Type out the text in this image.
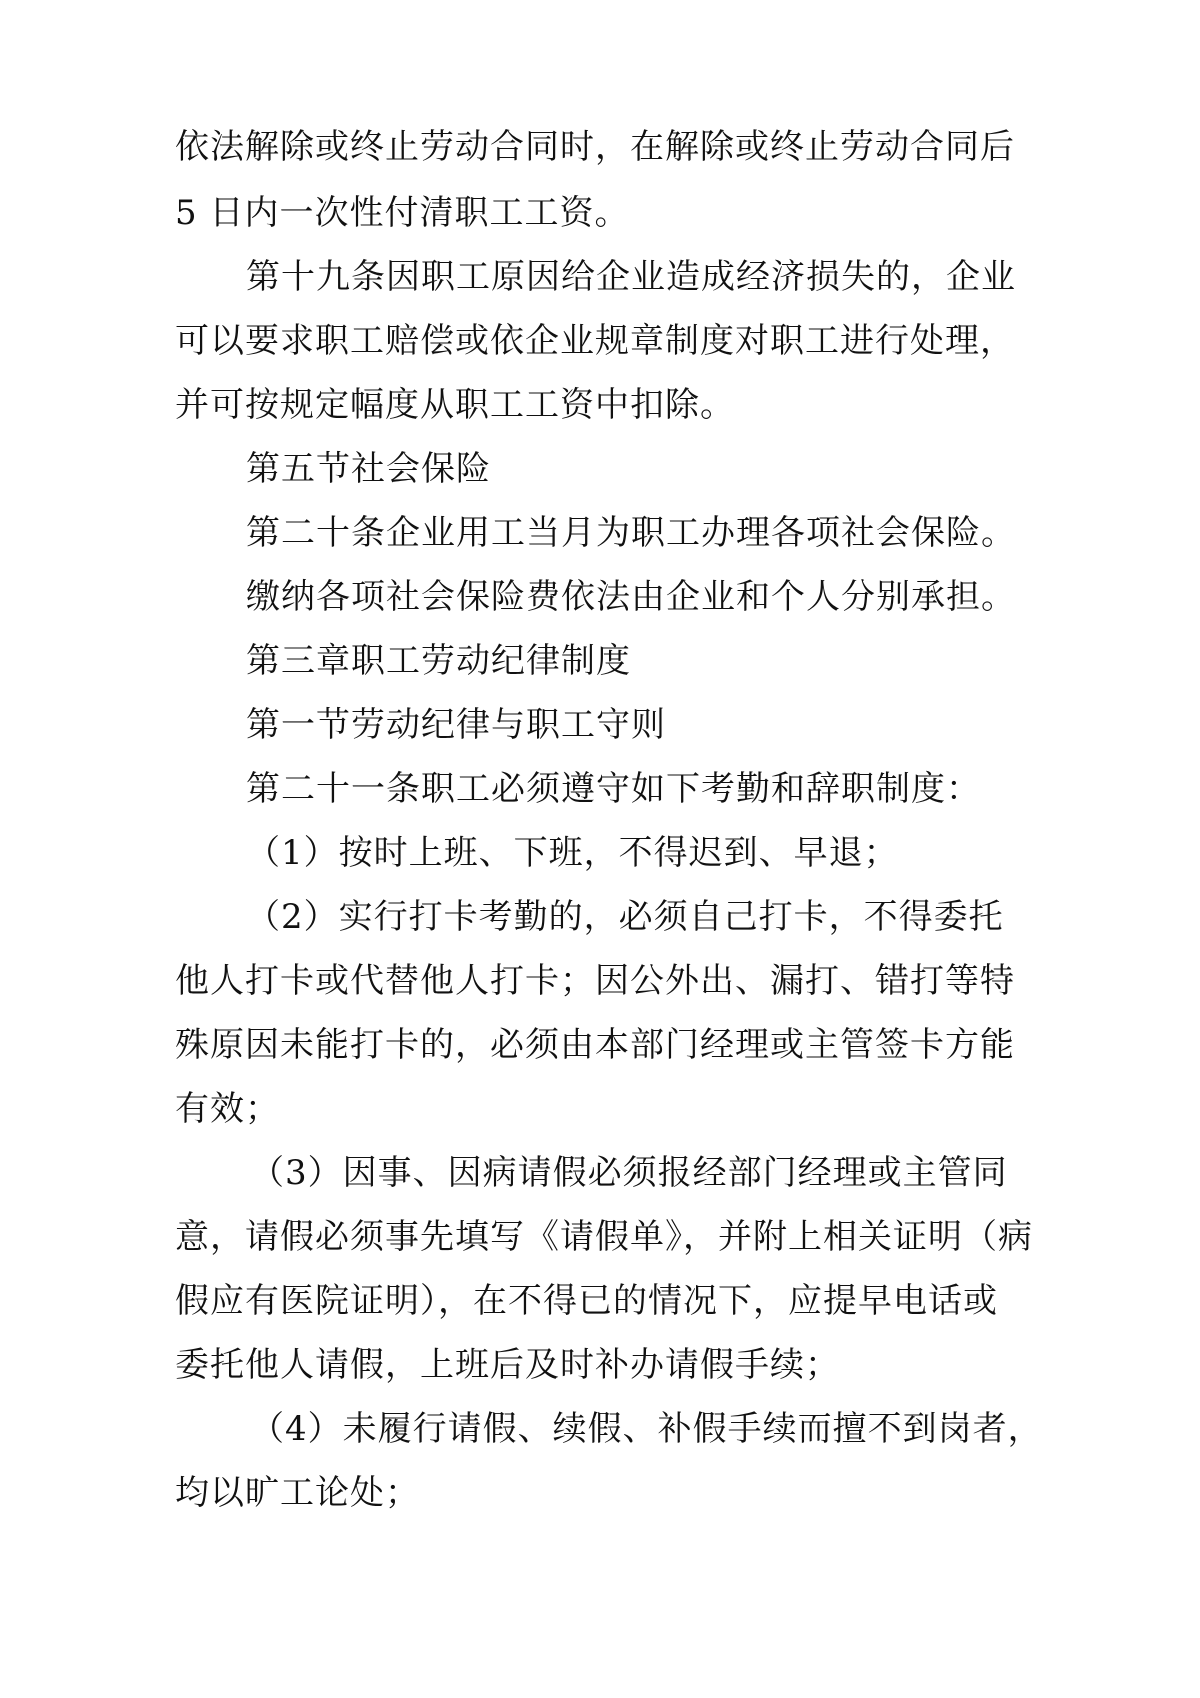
依法解除或终止劳动合同时，在解除或终止劳动合同后
5 日内一次性付清职工工资。
第十九条因职工原因给企业造成经济损失的，企业
可以要求职工赔偿或依企业规章制度对职工进行处理，
并可按规定幅度从职工工资中扣除。
第五节社会保险
第二十条企业用工当月为职工办理各项社会保险。
缴纳各项社会保险费依法由企业和个人分别承担。
第三章职工劳动纪律制度
第一节劳动纪律与职工守则
第二十一条职工必须遵守如下考勤和辞职制度：
（1）按时上班、下班，不得迟到、早退；
（2）实行打卡考勤的，必须自己打卡，不得委托
他人打卡或代替他人打卡；因公外出、漏打、错打等特
殊原因未能打卡的，必须由本部门经理或主管签卡方能
有效；
（3）因事、因病请假必须报经部门经理或主管同
意，请假必须事先填写《请假单》，并附上相关证明（病
假应有医院证明），在不得已的情况下，应提早电话或
委托他人请假，上班后及时补办请假手续；
（4）未履行请假、续假、补假手续而擅不到岗者，
均以旷工论处；
